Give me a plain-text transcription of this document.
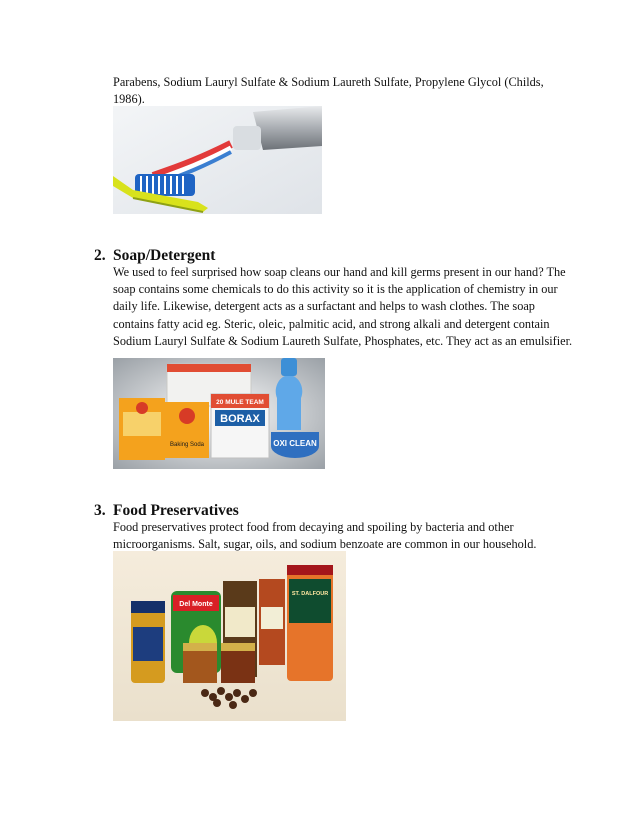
Parabens, Sodium Lauryl Sulfate & Sodium Laureth Sulfate, Propylene Glycol (Childs, 1986).

2. Soap/Detergent

We used to feel surprised how soap cleans our hand and kill germs present in our hand? The soap contains some chemicals to do this activity so it is the application of chemistry in our daily life. Likewise, detergent acts as a surfactant and helps to wash clothes. The soap contains fatty acid eg. Steric, oleic, palmitic acid, and strong alkali and detergent contain Sodium Lauryl Sulfate & Sodium Laureth Sulfate, Phosphates, etc. They act as an emulsifier.

Baking Soda
20 MULE TEAM
BORAX
OXI CLEAN
3. Food Preservatives

Food preservatives protect food from decaying and spoiling by bacteria and other microorganisms. Salt, sugar, oils, and sodium benzoate are common in our household.

Del Monte
ST. DALFOUR
